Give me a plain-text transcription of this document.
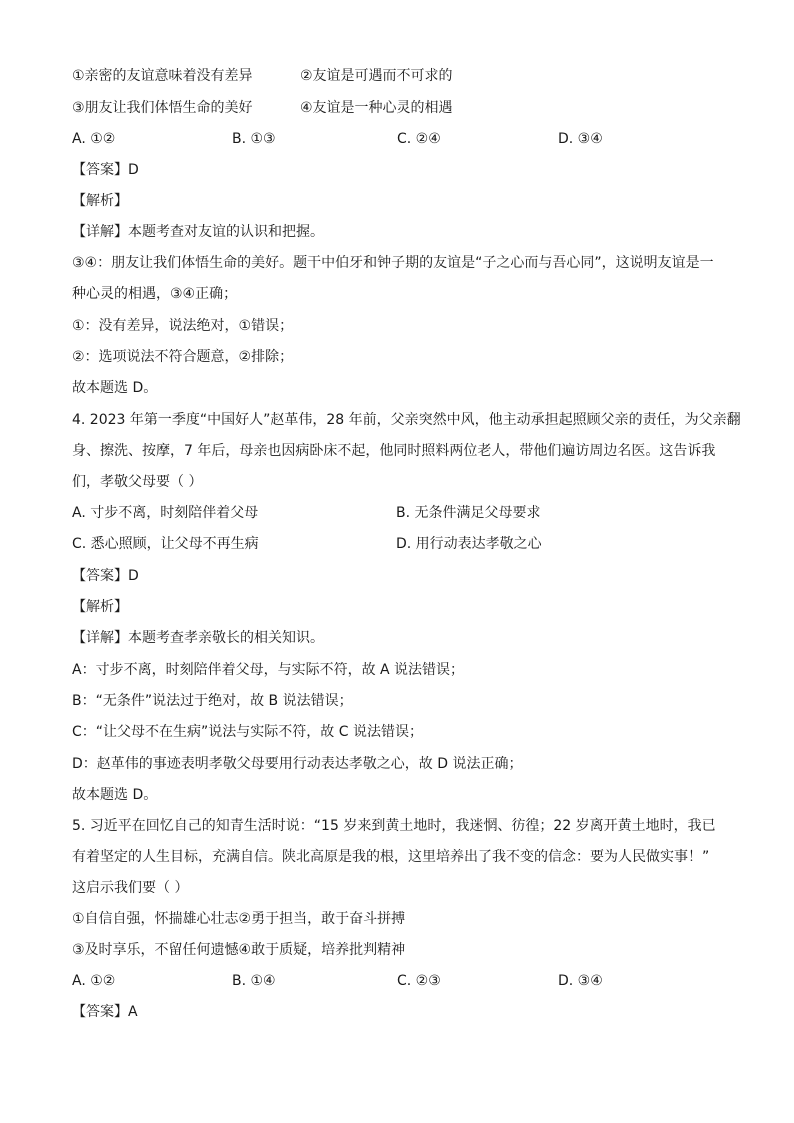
①亲密的友谊意味着没有差异	②友谊是可遇而不可求的
③朋友让我们体悟生命的美好	④友谊是一种心灵的相遇
A. ①②	B. ①③	C. ②④	D. ③④
【答案】D
【解析】
【详解】本题考查对友谊的认识和把握。
③④：朋友让我们体悟生命的美好。题干中伯牙和钟子期的友谊是“子之心而与吾心同”，这说明友谊是一
种心灵的相遇，③④正确；
①：没有差异，说法绝对，①错误；
②：选项说法不符合题意，②排除；
故本题选 D。
4. 2023 年第一季度“中国好人”赵革伟，28 年前，父亲突然中风，他主动承担起照顾父亲的责任，为父亲翻
身、擦洗、按摩，7 年后，母亲也因病卧床不起，他同时照料两位老人，带他们遍访周边名医。这告诉我
们，孝敬父母要（ ）
A. 寸步不离，时刻陪伴着父母	B. 无条件满足父母要求
C. 悉心照顾，让父母不再生病	D. 用行动表达孝敬之心
【答案】D
【解析】
【详解】本题考查孝亲敬长的相关知识。
A：寸步不离，时刻陪伴着父母，与实际不符，故 A 说法错误；
B：“无条件”说法过于绝对，故 B 说法错误；
C：“让父母不在生病”说法与实际不符，故 C 说法错误；
D：赵革伟的事迹表明孝敬父母要用行动表达孝敬之心，故 D 说法正确；
故本题选 D。
5. 习近平在回忆自己的知青生活时说：“15 岁来到黄土地时，我迷惘、彷徨；22 岁离开黄土地时，我已
有着坚定的人生目标，充满自信。陕北高原是我的根，这里培养出了我不变的信念：要为人民做实事！”
这启示我们要（ ）
①自信自强，怀揣雄心壮志②勇于担当，敢于奋斗拼搏
③及时享乐，不留任何遗憾④敢于质疑，培养批判精神
A. ①②	B. ①④	C. ②③	D. ③④
【答案】A
